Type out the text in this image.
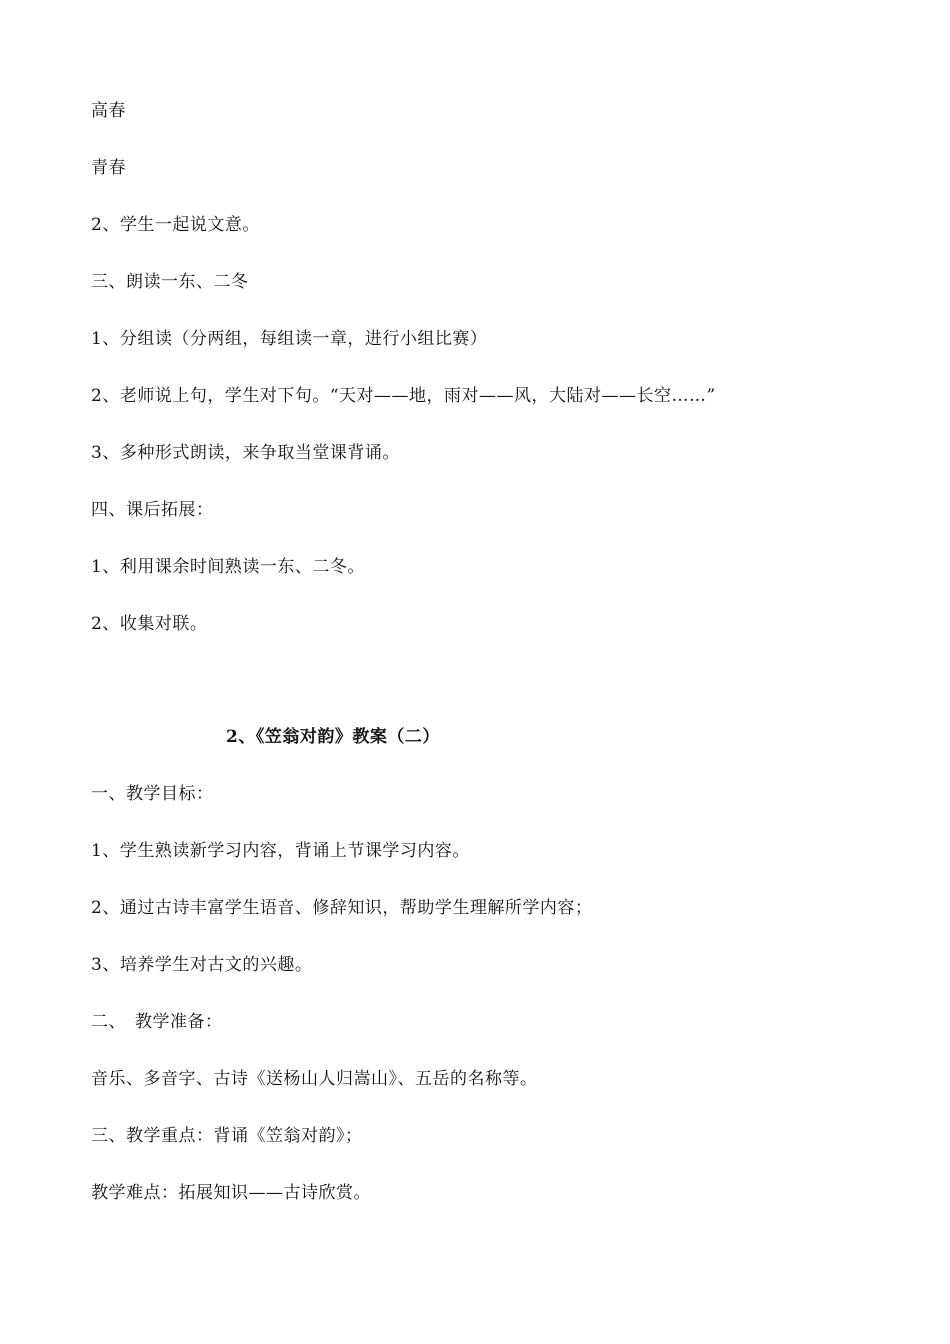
高春
青春
2、学生一起说文意。
三、朗读一东、二冬
1、分组读（分两组，每组读一章，进行小组比赛）
2、老师说上句，学生对下句。“天对——地，雨对——风，大陆对——长空……”
3、多种形式朗读，来争取当堂课背诵。
四、课后拓展：
1、利用课余时间熟读一东、二冬。
2、收集对联。
2、《笠翁对韵》教案（二）
一、教学目标：
1、学生熟读新学习内容，背诵上节课学习内容。
2、通过古诗丰富学生语音、修辞知识，帮助学生理解所学内容；
3、培养学生对古文的兴趣。
二、　教学准备：
音乐、多音字、古诗《送杨山人归嵩山》、五岳的名称等。
三、教学重点：背诵《笠翁对韵》；
教学难点：拓展知识——古诗欣赏。
